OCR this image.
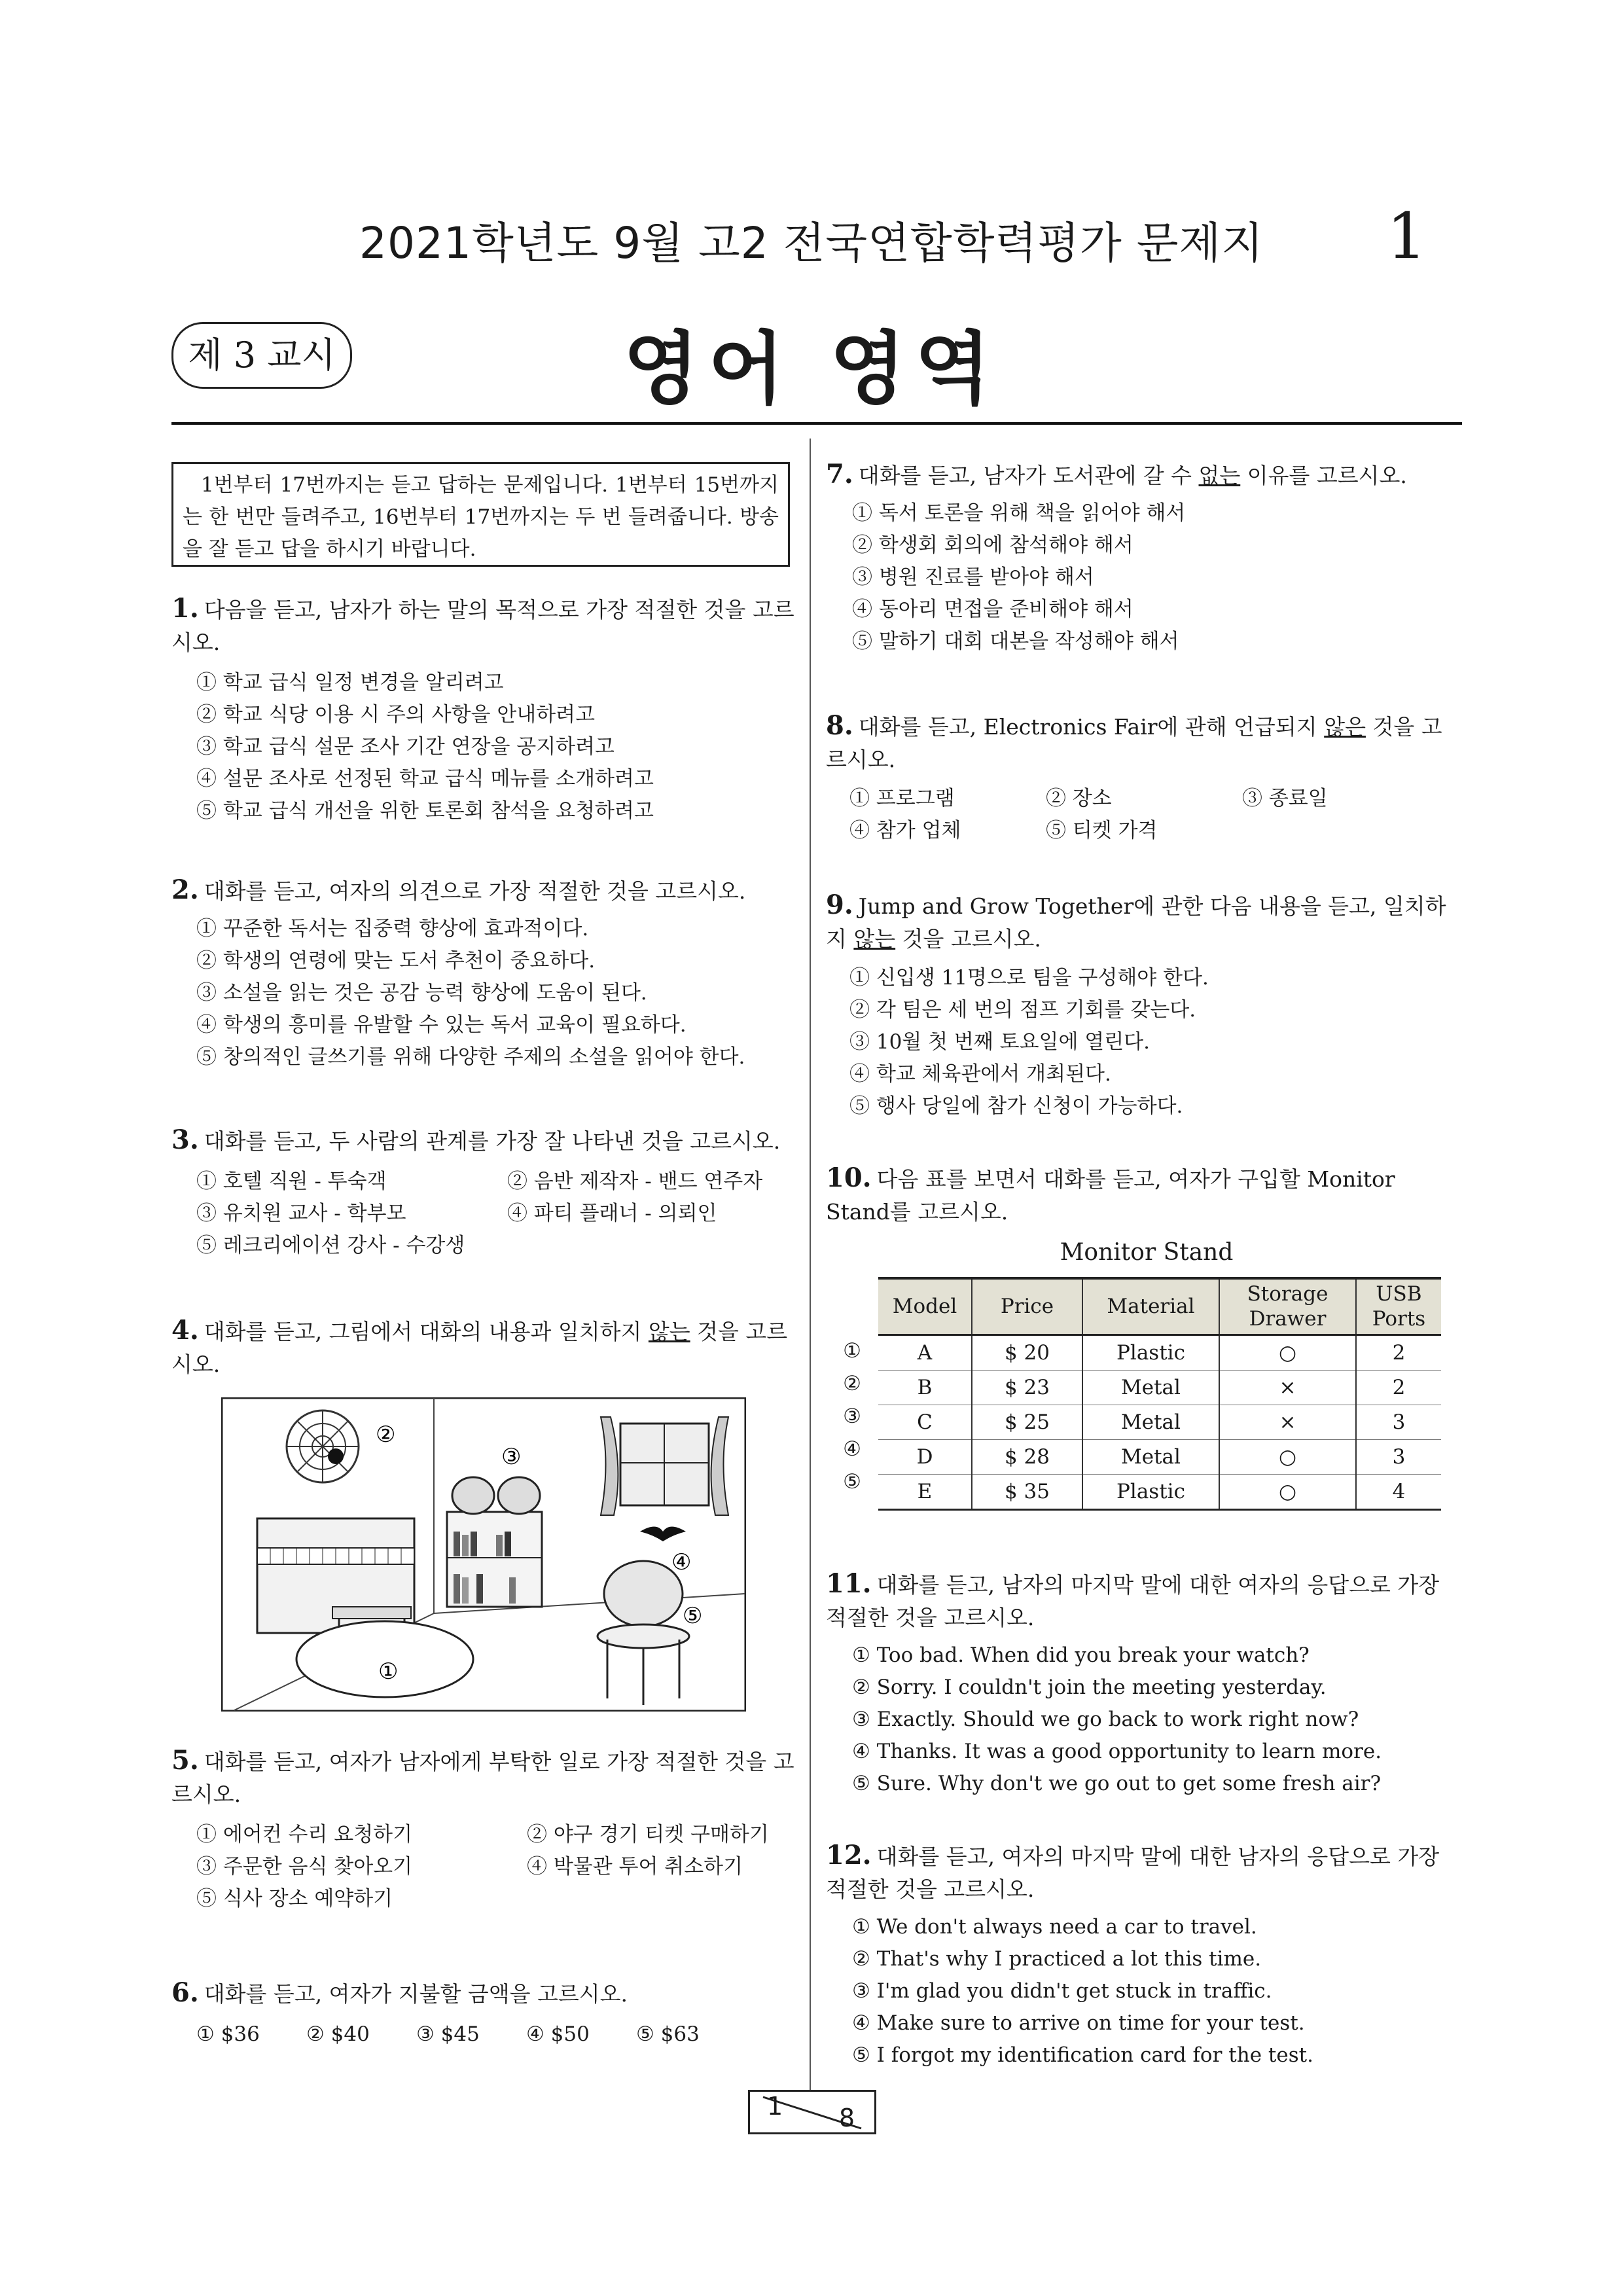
2021학년도 9월 고2 전국연합학력평가 문제지	1
제 3 교시	영어 영역
1번부터 17번까지는 듣고 답하는 문제입니다. 1번부터 15번까지는 한 번만 들려주고, 16번부터 17번까지는 두 번 들려줍니다. 방송을 잘 듣고 답을 하시기 바랍니다.
1. 다음을 듣고, 남자가 하는 말의 목적으로 가장 적절한 것을 고르시오.
① 학교 급식 일정 변경을 알리려고
② 학교 식당 이용 시 주의 사항을 안내하려고
③ 학교 급식 설문 조사 기간 연장을 공지하려고
④ 설문 조사로 선정된 학교 급식 메뉴를 소개하려고
⑤ 학교 급식 개선을 위한 토론회 참석을 요청하려고
2. 대화를 듣고, 여자의 의견으로 가장 적절한 것을 고르시오.
① 꾸준한 독서는 집중력 향상에 효과적이다.
② 학생의 연령에 맞는 도서 추천이 중요하다.
③ 소설을 읽는 것은 공감 능력 향상에 도움이 된다.
④ 학생의 흥미를 유발할 수 있는 독서 교육이 필요하다.
⑤ 창의적인 글쓰기를 위해 다양한 주제의 소설을 읽어야 한다.
3. 대화를 듣고, 두 사람의 관계를 가장 잘 나타낸 것을 고르시오.
① 호텔 직원 - 투숙객	② 음반 제작자 - 밴드 연주자
③ 유치원 교사 - 학부모	④ 파티 플래너 - 의뢰인
⑤ 레크리에이션 강사 - 수강생
4. 대화를 듣고, 그림에서 대화의 내용과 일치하지 않는 것을 고르시오.
①
②
③
④
⑤
5. 대화를 듣고, 여자가 남자에게 부탁한 일로 가장 적절한 것을 고르시오.
① 에어컨 수리 요청하기	② 야구 경기 티켓 구매하기
③ 주문한 음식 찾아오기	④ 박물관 투어 취소하기
⑤ 식사 장소 예약하기
6. 대화를 듣고, 여자가 지불할 금액을 고르시오.
① $36	② $40	③ $45	④ $50	⑤ $63
7. 대화를 듣고, 남자가 도서관에 갈 수 없는 이유를 고르시오.
① 독서 토론을 위해 책을 읽어야 해서
② 학생회 회의에 참석해야 해서
③ 병원 진료를 받아야 해서
④ 동아리 면접을 준비해야 해서
⑤ 말하기 대회 대본을 작성해야 해서
8. 대화를 듣고, Electronics Fair에 관해 언급되지 않은 것을 고르시오.
① 프로그램	② 장소	③ 종료일
④ 참가 업체	⑤ 티켓 가격
9. Jump and Grow Together에 관한 다음 내용을 듣고, 일치하지 않는 것을 고르시오.
① 신입생 11명으로 팀을 구성해야 한다.
② 각 팀은 세 번의 점프 기회를 갖는다.
③ 10월 첫 번째 토요일에 열린다.
④ 학교 체육관에서 개최된다.
⑤ 행사 당일에 참가 신청이 가능하다.
10. 다음 표를 보면서 대화를 듣고, 여자가 구입할 Monitor Stand를 고르시오.
Monitor Stand
①
②
③
④
⑤
Model	Price	Material	Storage Drawer	USB Ports
A	$ 20	Plastic	○	2
B	$ 23	Metal	×	2
C	$ 25	Metal	×	3
D	$ 28	Metal	○	3
E	$ 35	Plastic	○	4
11. 대화를 듣고, 남자의 마지막 말에 대한 여자의 응답으로 가장 적절한 것을 고르시오.
① Too bad. When did you break your watch?
② Sorry. I couldn't join the meeting yesterday.
③ Exactly. Should we go back to work right now?
④ Thanks. It was a good opportunity to learn more.
⑤ Sure. Why don't we go out to get some fresh air?
12. 대화를 듣고, 여자의 마지막 말에 대한 남자의 응답으로 가장 적절한 것을 고르시오.
① We don't always need a car to travel.
② That's why I practiced a lot this time.
③ I'm glad you didn't get stuck in traffic.
④ Make sure to arrive on time for your test.
⑤ I forgot my identification card for the test.
1 8
